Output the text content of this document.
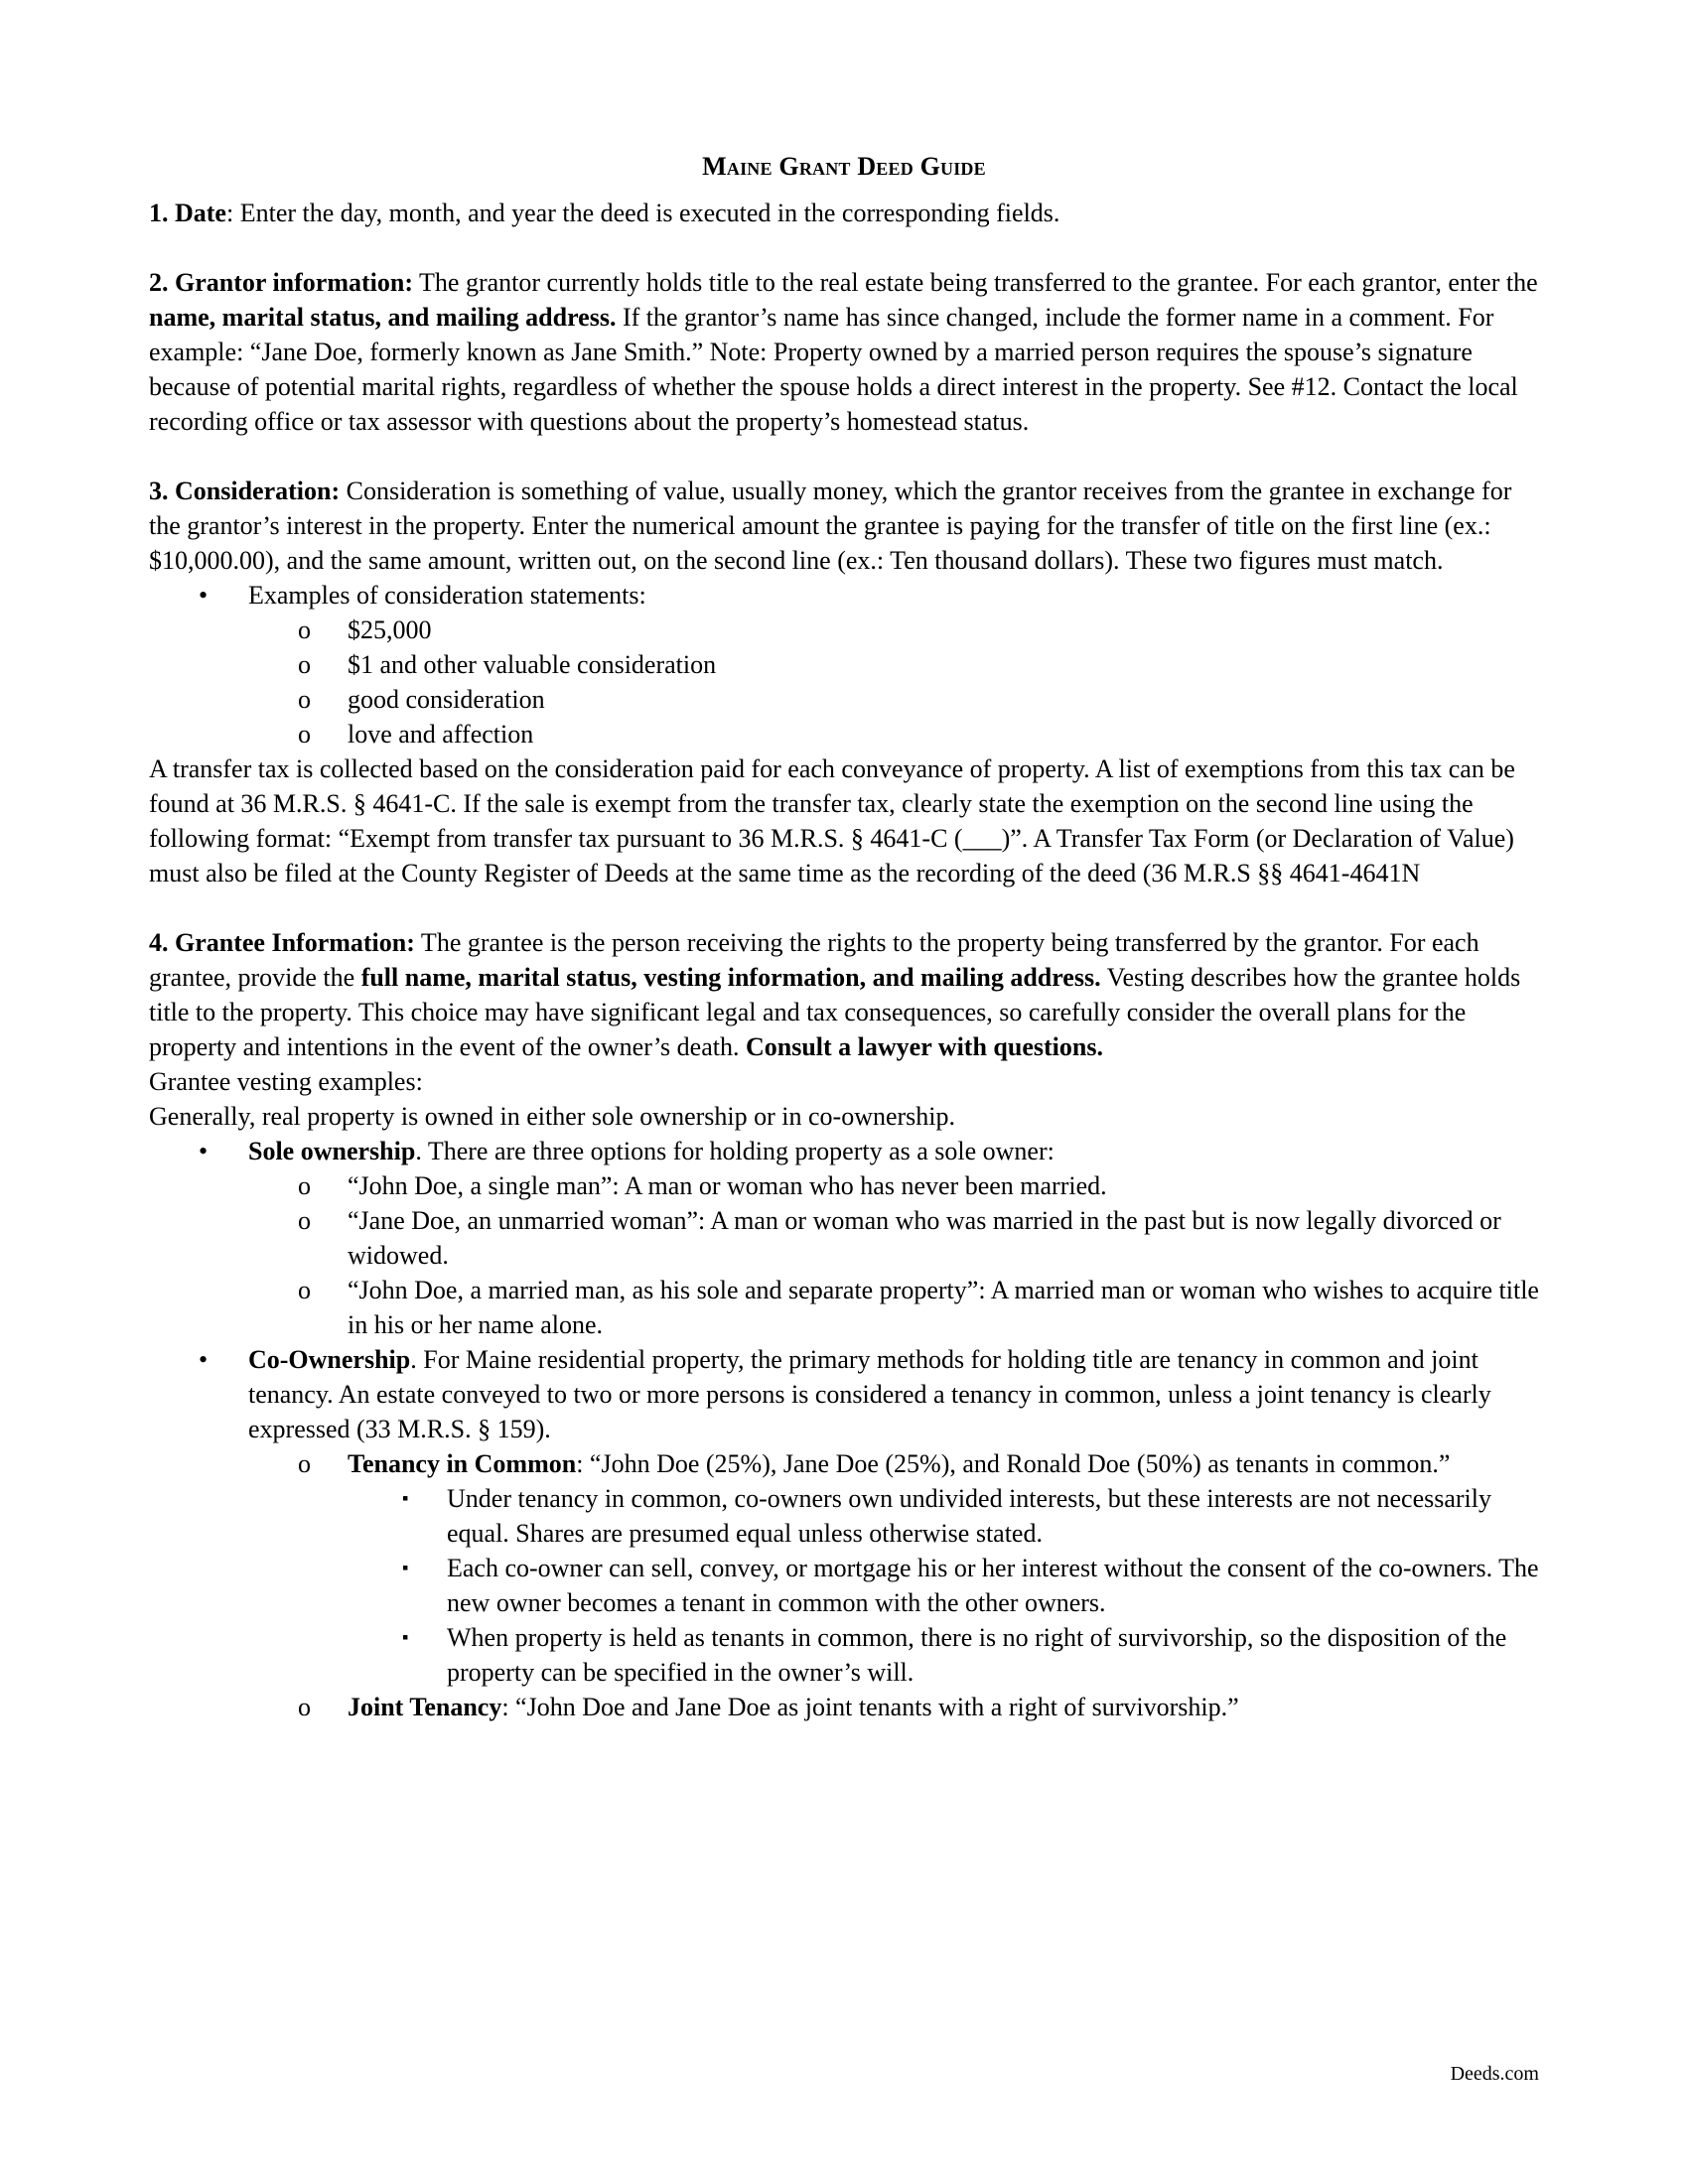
Maine Grant Deed Guide

1. Date: Enter the day, month, and year the deed is executed in the corresponding fields.

2. Grantor information: The grantor currently holds title to the real estate being transferred to the grantee. For each grantor, enter the name, marital status, and mailing address. If the grantor’s name has since changed, include the former name in a comment. For example: “Jane Doe, formerly known as Jane Smith.” Note: Property owned by a married person requires the spouse’s signature because of potential marital rights, regardless of whether the spouse holds a direct interest in the property. See #12. Contact the local recording office or tax assessor with questions about the property’s homestead status.

3. Consideration: Consideration is something of value, usually money, which the grantor receives from the grantee in exchange for the grantor’s interest in the property. Enter the numerical amount the grantee is paying for the transfer of title on the first line (ex.: $10,000.00), and the same amount, written out, on the second line (ex.: Ten thousand dollars). These two figures must match.

• Examples of consideration statements:
o $25,000
o $1 and other valuable consideration
o good consideration
o love and affection

A transfer tax is collected based on the consideration paid for each conveyance of property. A list of exemptions from this tax can be found at 36 M.R.S. § 4641-C. If the sale is exempt from the transfer tax, clearly state the exemption on the second line using the following format: “Exempt from transfer tax pursuant to 36 M.R.S. § 4641-C (___)”. A Transfer Tax Form (or Declaration of Value) must also be filed at the County Register of Deeds at the same time as the recording of the deed (36 M.R.S §§ 4641-4641N

4. Grantee Information: The grantee is the person receiving the rights to the property being transferred by the grantor. For each grantee, provide the full name, marital status, vesting information, and mailing address. Vesting describes how the grantee holds title to the property. This choice may have significant legal and tax consequences, so carefully consider the overall plans for the property and intentions in the event of the owner’s death. Consult a lawyer with questions.

Grantee vesting examples:

Generally, real property is owned in either sole ownership or in co-ownership.

• Sole ownership. There are three options for holding property as a sole owner:
o “John Doe, a single man”: A man or woman who has never been married.
o “Jane Doe, an unmarried woman”: A man or woman who was married in the past but is now legally divorced or widowed.
o “John Doe, a married man, as his sole and separate property”: A married man or woman who wishes to acquire title in his or her name alone.
• Co-Ownership. For Maine residential property, the primary methods for holding title are tenancy in common and joint tenancy. An estate conveyed to two or more persons is considered a tenancy in common, unless a joint tenancy is clearly expressed (33 M.R.S. § 159).
o Tenancy in Common: “John Doe (25%), Jane Doe (25%), and Ronald Doe (50%) as tenants in common.”
▪ Under tenancy in common, co-owners own undivided interests, but these interests are not necessarily equal. Shares are presumed equal unless otherwise stated.
▪ Each co-owner can sell, convey, or mortgage his or her interest without the consent of the co-owners. The new owner becomes a tenant in common with the other owners.
▪ When property is held as tenants in common, there is no right of survivorship, so the disposition of the property can be specified in the owner’s will.
o Joint Tenancy: “John Doe and Jane Doe as joint tenants with a right of survivorship.”
Deeds.com
